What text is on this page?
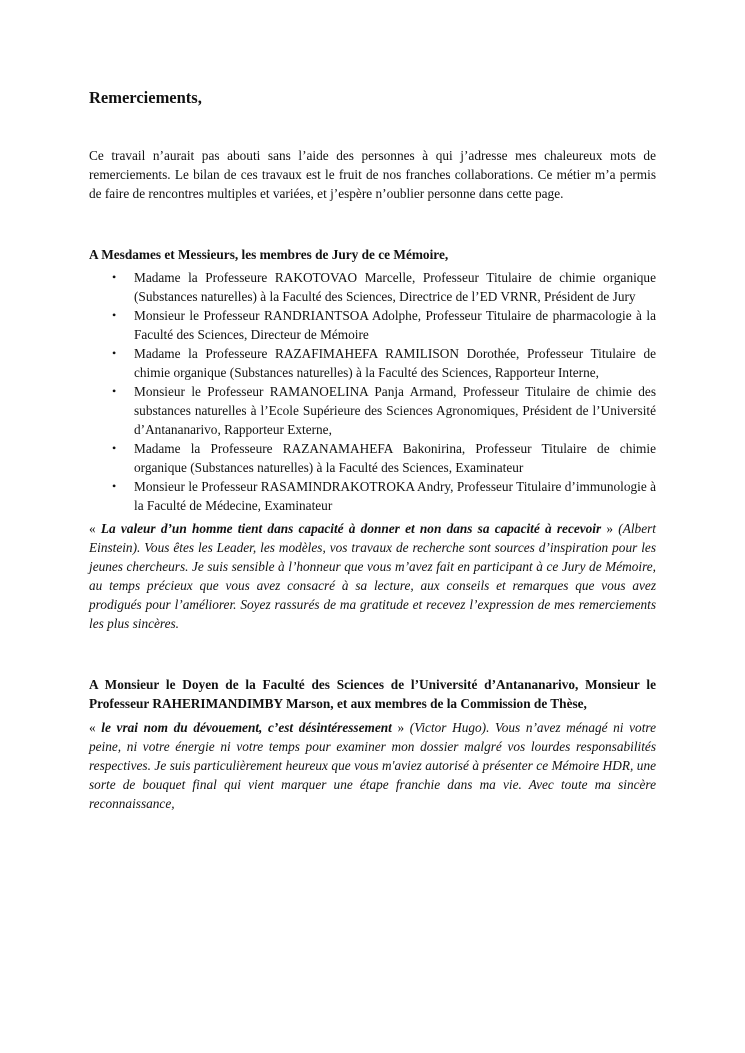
Remerciements,

Ce travail n’aurait pas abouti sans l’aide des personnes à qui j’adresse mes chaleureux mots de remerciements. Le bilan de ces travaux est le fruit de nos franches collaborations. Ce métier m’a permis de faire de rencontres multiples et variées, et j’espère n’oublier personne dans cette page.

A Mesdames et Messieurs, les membres de Jury de ce Mémoire,
• Madame la Professeure RAKOTOVAO Marcelle, Professeur Titulaire de chimie organique (Substances naturelles) à la Faculté des Sciences, Directrice de l’ED VRNR, Président de Jury
• Monsieur le Professeur RANDRIANTSOA Adolphe, Professeur Titulaire de pharmacologie à la Faculté des Sciences, Directeur de Mémoire
• Madame la Professeure RAZAFIMAHEFA RAMILISON Dorothée, Professeur Titulaire de chimie organique (Substances naturelles) à la Faculté des Sciences, Rapporteur Interne,
• Monsieur le Professeur RAMANOELINA Panja Armand, Professeur Titulaire de chimie des substances naturelles à l’Ecole Supérieure des Sciences Agronomiques, Président de l’Université d’Antananarivo, Rapporteur Externe,
• Madame la Professeure RAZANAMAHEFA Bakonirina, Professeur Titulaire de chimie organique (Substances naturelles) à la Faculté des Sciences, Examinateur
• Monsieur le Professeur RASAMINDRAKOTROKA Andry, Professeur Titulaire d’immunologie à la Faculté de Médecine, Examinateur

« La valeur d’un homme tient dans capacité à donner et non dans sa capacité à recevoir » (Albert Einstein). Vous êtes les Leader, les modèles, vos travaux de recherche sont sources d’inspiration pour les jeunes chercheurs. Je suis sensible à l’honneur que vous m’avez fait en participant à ce Jury de Mémoire, au temps précieux que vous avez consacré à sa lecture, aux conseils et remarques que vous avez prodigués pour l’améliorer. Soyez rassurés de ma gratitude et recevez l’expression de mes remerciements les plus sincères.

A Monsieur le Doyen de la Faculté des Sciences de l’Université d’Antananarivo, Monsieur le Professeur RAHERIMANDIMBY Marson, et aux membres de la Commission de Thèse,

« le vrai nom du dévouement, c’est désintéressement » (Victor Hugo). Vous n’avez ménagé ni votre peine, ni votre énergie ni votre temps pour examiner mon dossier malgré vos lourdes responsabilités respectives. Je suis particulièrement heureux que vous m'aviez autorisé à présenter ce Mémoire HDR, une sorte de bouquet final qui vient marquer une étape franchie dans ma vie. Avec toute ma sincère reconnaissance,
